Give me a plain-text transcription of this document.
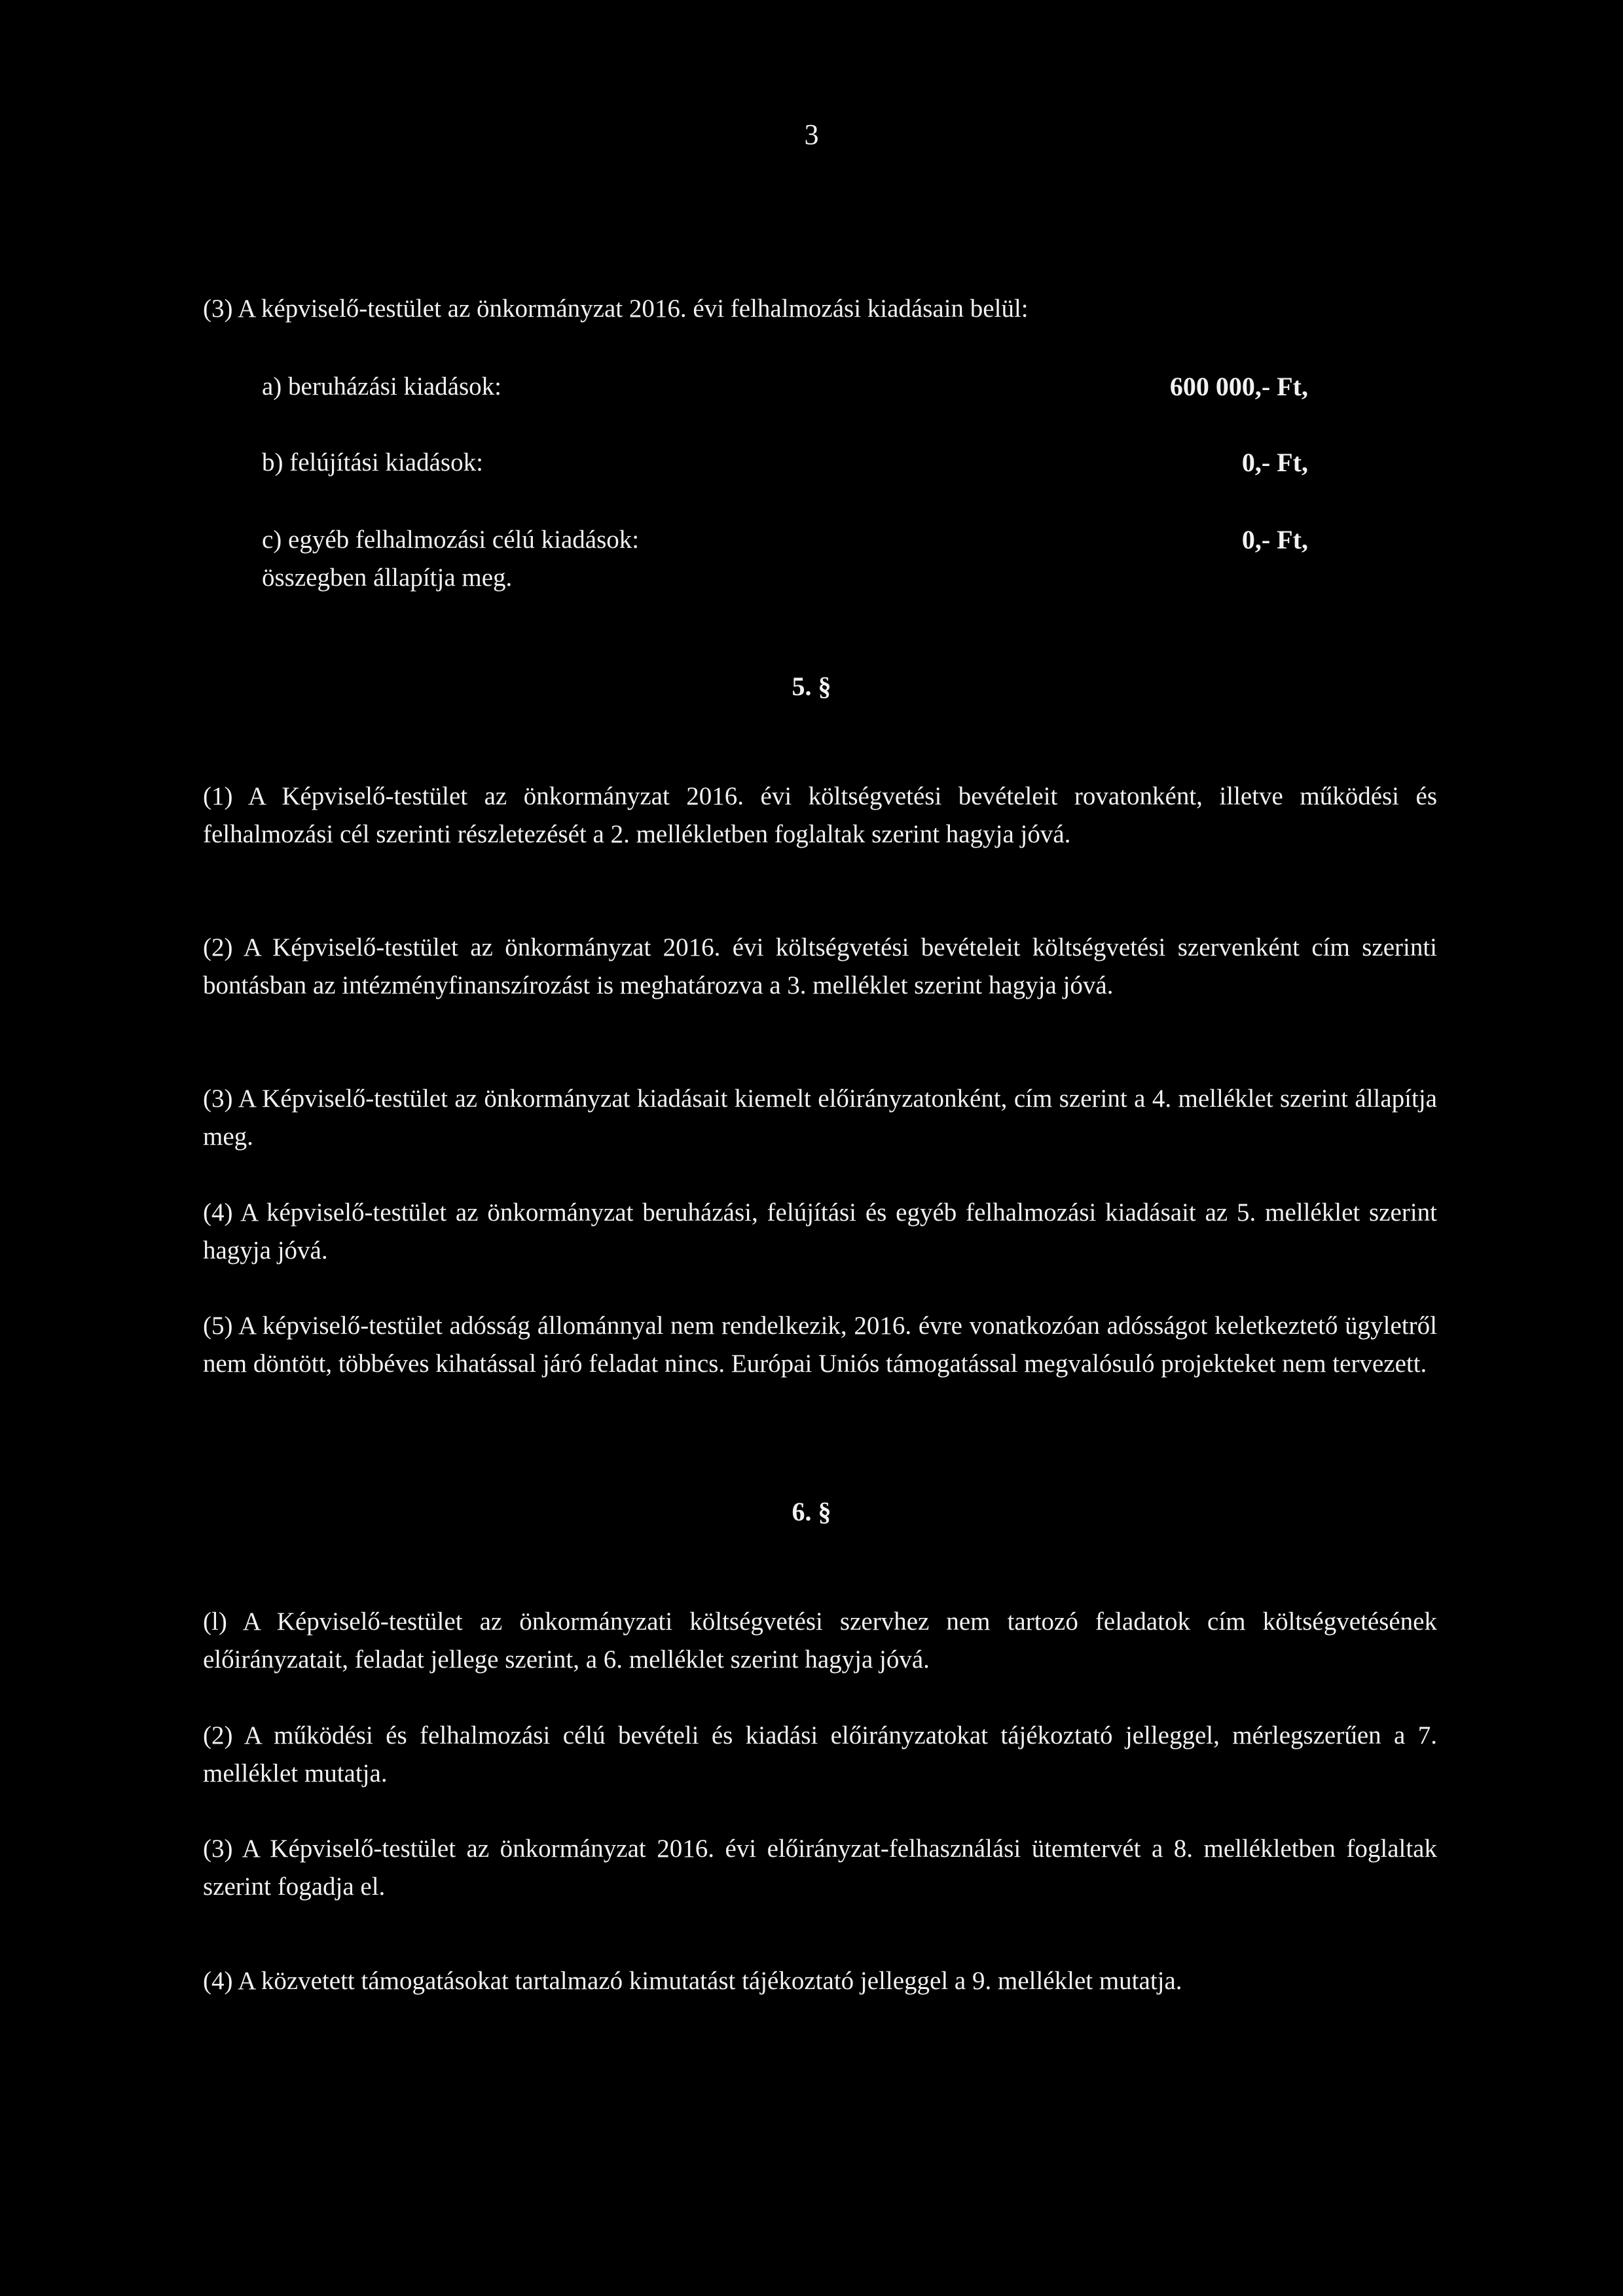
3
(3) A képviselő-testület az önkormányzat 2016. évi felhalmozási kiadásain belül:
a) beruházási kiadások:	600 000,- Ft,
b) felújítási kiadások:	0,- Ft,
c) egyéb felhalmozási célú kiadások:	0,- Ft,
összegben állapítja meg.
5. §
(1) A Képviselő-testület az önkormányzat 2016. évi költségvetési bevételeit rovatonként, illetve működési és felhalmozási cél szerinti részletezését a 2. mellékletben foglaltak szerint hagyja jóvá.
(2) A Képviselő-testület az önkormányzat 2016. évi költségvetési bevételeit költségvetési szervenként cím szerinti bontásban az intézményfinanszírozást is meghatározva a 3. melléklet szerint hagyja jóvá.
(3) A Képviselő-testület az önkormányzat kiadásait kiemelt előirányzatonként, cím szerint a 4. melléklet szerint állapítja meg.
(4) A képviselő-testület az önkormányzat beruházási, felújítási és egyéb felhalmozási kiadásait az 5. melléklet szerint hagyja jóvá.
(5) A képviselő-testület adósság állománnyal nem rendelkezik, 2016. évre vonatkozóan adósságot keletkeztető ügyletről nem döntött, többéves kihatással járó feladat nincs. Európai Uniós támogatással megvalósuló projekteket nem tervezett.
6. §
(l) A Képviselő-testület az önkormányzati költségvetési szervhez nem tartozó feladatok cím költségvetésének előirányzatait, feladat jellege szerint, a 6. melléklet szerint hagyja jóvá.
(2) A működési és felhalmozási célú bevételi és kiadási előirányzatokat tájékoztató jelleggel, mérlegszerűen a 7. melléklet mutatja.
(3) A Képviselő-testület az önkormányzat 2016. évi előirányzat-felhasználási ütemtervét a 8. mellékletben foglaltak szerint fogadja el.
(4) A közvetett támogatásokat tartalmazó kimutatást tájékoztató jelleggel a 9. melléklet mutatja.
